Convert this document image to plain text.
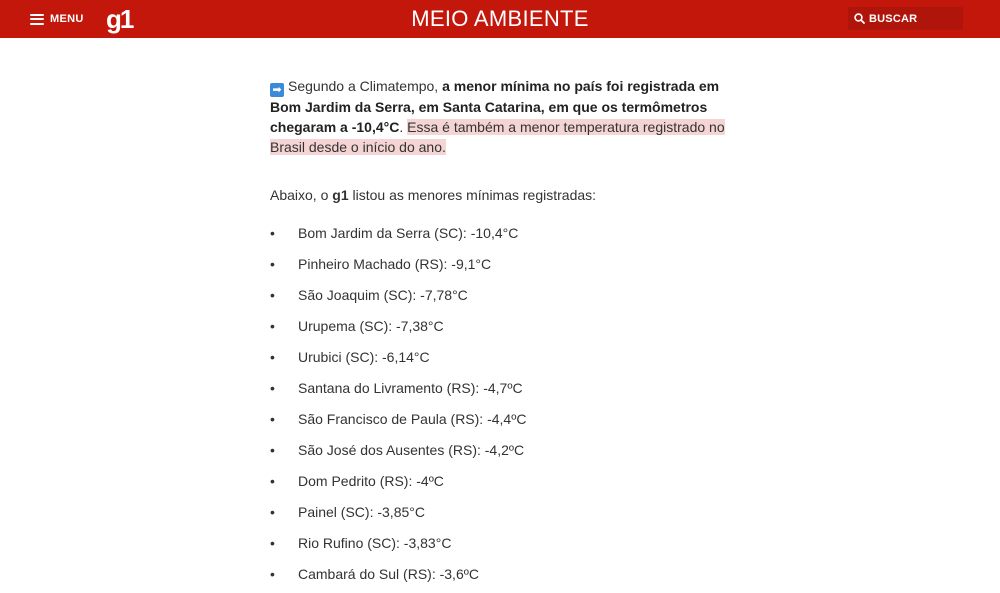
MENU g1	MEIO AMBIENTE	BUSCAR

➡ Segundo a Climatempo, a menor mínima no país foi registrada em Bom Jardim da Serra, em Santa Catarina, em que os termômetros chegaram a -10,4°C. Essa é também a menor temperatura registrado no Brasil desde o início do ano.

Abaixo, o g1 listou as menores mínimas registradas:

• Bom Jardim da Serra (SC): -10,4°C
• Pinheiro Machado (RS): -9,1°C
• São Joaquim (SC): -7,78°C
• Urupema (SC): -7,38°C
• Urubici (SC): -6,14°C
• Santana do Livramento (RS): -4,7ºC
• São Francisco de Paula (RS): -4,4ºC
• São José dos Ausentes (RS): -4,2ºC
• Dom Pedrito (RS): -4ºC
• Painel (SC): -3,85°C
• Rio Rufino (SC): -3,83°C
• Cambará do Sul (RS): -3,6ºC
